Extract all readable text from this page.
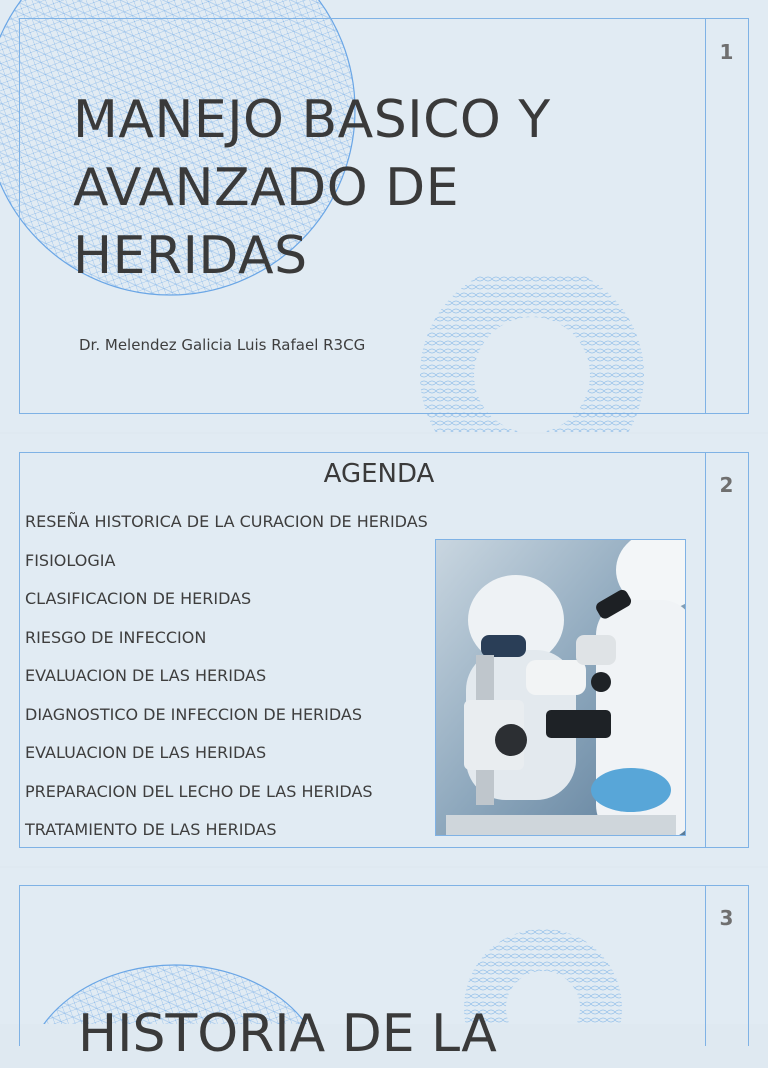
1
MANEJO BASICO Y AVANZADO DE HERIDAS
Dr. Melendez Galicia Luis Rafael R3CG
2
AGENDA
RESEÑA HISTORICA DE LA CURACION DE HERIDAS
FISIOLOGIA
CLASIFICACION DE HERIDAS
RIESGO DE INFECCION
EVALUACION DE LAS HERIDAS
DIAGNOSTICO DE INFECCION DE HERIDAS
EVALUACION DE LAS HERIDAS
PREPARACION DEL LECHO DE LAS HERIDAS
TRATAMIENTO DE LAS HERIDAS
3
HISTORIA DE LA
